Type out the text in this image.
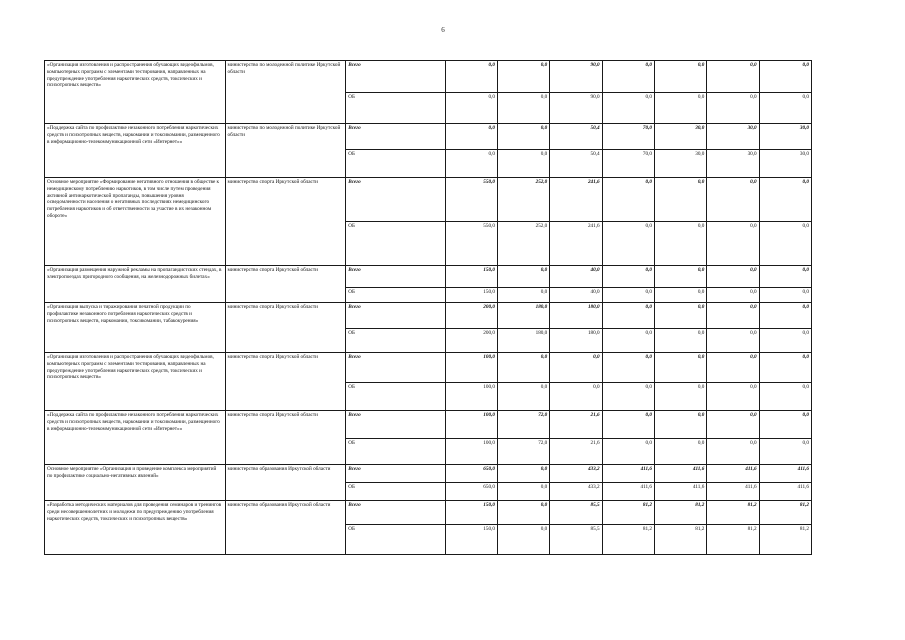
6
«Организация изготовления и распространения обучающих видеофильмов, компьютерных программ с элементами тестирования, направленных на предупреждение употребления наркотических средств, токсических и психотропных веществ»	министерство по молодежной политике Иркутской области	Всего	0,0	0,0	90,0	0,0	0,0	0,0	0,0
		ОБ	0,0	0,0	90,0	0,0	0,0	0,0	0,0
«Поддержка сайта по профилактике незаконного потребления наркотических средств и психотропных веществ, наркомании и токсикомании, размещенного в информационно-телекоммуникационной сети «Интернет»»	министерство по молодежной политике Иркутской области	Всего	0,0	0,0	50,4	70,0	30,0	30,0	30,0
		ОБ	0,0	0,0	50,4	70,0	30,0	30,0	30,0
Основное мероприятие «Формирование негативного отношения в обществе к немедицинскому потреблению наркотиков, в том числе путем проведения активной антинаркотической пропаганды, повышения уровня осведомленности населения о негативных последствиях немедицинского потребления наркотиков и об ответственности за участие в их незаконном обороте»	министерство спорта Иркутской области	Всего	550,0	252,0	241,6	0,0	0,0	0,0	0,0
		ОБ	550,0	252,0	241,6	0,0	0,0	0,0	0,0
«Организация размещения наружной рекламы на пропагандистских стендах, в электропоездах пригородного сообщения, на железнодорожных билетах»	министерство спорта Иркутской области	Всего	150,0	0,0	40,0	0,0	0,0	0,0	0,0
		ОБ	150,0	0,0	40,0	0,0	0,0	0,0	0,0
«Организация выпуска и тиражирования печатной продукции по профилактике незаконного потребления наркотических средств и психотропных веществ, наркомании, токсикомании, табакокурения»	министерство спорта Иркутской области	Всего	200,0	180,0	180,0	0,0	0,0	0,0	0,0
		ОБ	200,0	180,0	180,0	0,0	0,0	0,0	0,0
«Организация изготовления и распространения обучающих видеофильмов, компьютерных программ с элементами тестирования, направленных на предупреждение употребления наркотических средств, токсических и психотропных веществ»	министерство спорта Иркутской области	Всего	100,0	0,0	0,0	0,0	0,0	0,0	0,0
		ОБ	100,0	0,0	0,0	0,0	0,0	0,0	0,0
«Поддержка сайта по профилактике незаконного потребления наркотических средств и психотропных веществ, наркомании и токсикомании, размещенного в информационно-телекоммуникационной сети «Интернет»»	министерство спорта Иркутской области	Всего	100,0	72,0	21,6	0,0	0,0	0,0	0,0
		ОБ	100,0	72,0	21,6	0,0	0,0	0,0	0,0
Основное мероприятие «Организация и проведение комплекса мероприятий по профилактике социально-негативных явлений»	министерство образования Иркутской области	Всего	650,0	0,0	433,2	411,6	411,6	411,6	411,6
		ОБ	650,0	0,0	433,2	411,6	411,6	411,6	411,6
«Разработка методических материалов для проведения семинаров и тренингов среди несовершеннолетних и молодежи по предупреждению употребления наркотических средств, токсических и психотропных веществ»	министерство образования Иркутской области	Всего	150,0	0,0	85,5	81,2	81,2	81,2	81,2
		ОБ	150,0	0,0	85,5	81,2	81,2	81,2	81,2
